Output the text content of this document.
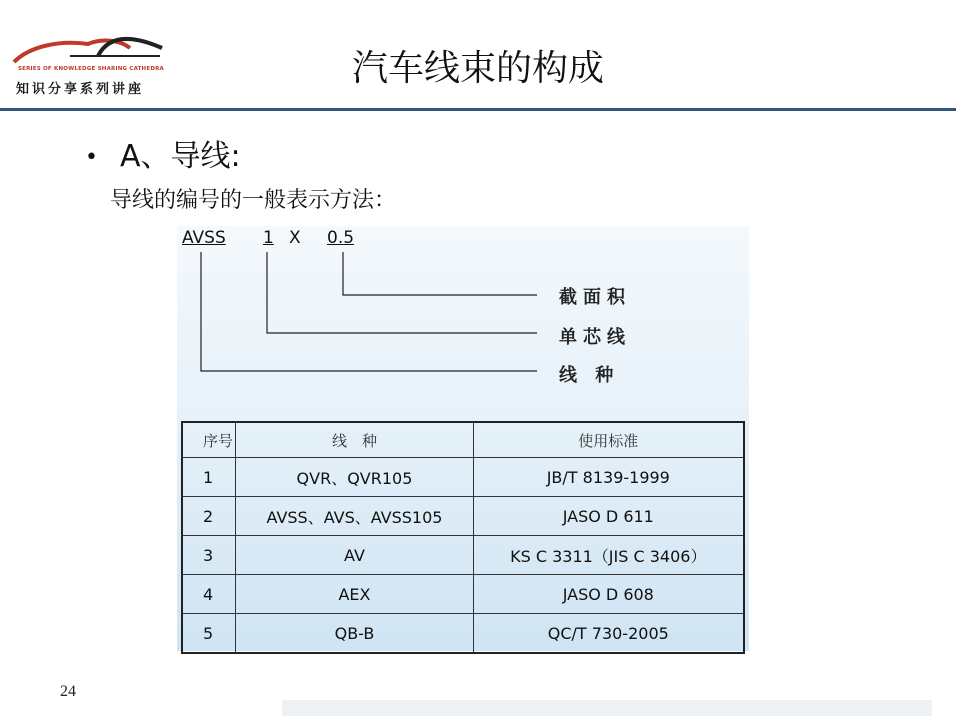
SERIES OF KNOWLEDGE SHARING CATHEDRA
知识分享系列讲座
汽车线束的构成
• A、导线:
导线的编号的一般表示方法：
AVSS 1 X 0.5
截面积
单芯线
线 种
序号	线　种	使用标准
1	QVR、QVR105	JB/T 8139-1999
2	AVSS、AVS、AVSS105	JASO D 611
3	AV	KS C 3311（JIS C 3406）
4	AEX	JASO D 608
5	QB-B	QC/T 730-2005
24
